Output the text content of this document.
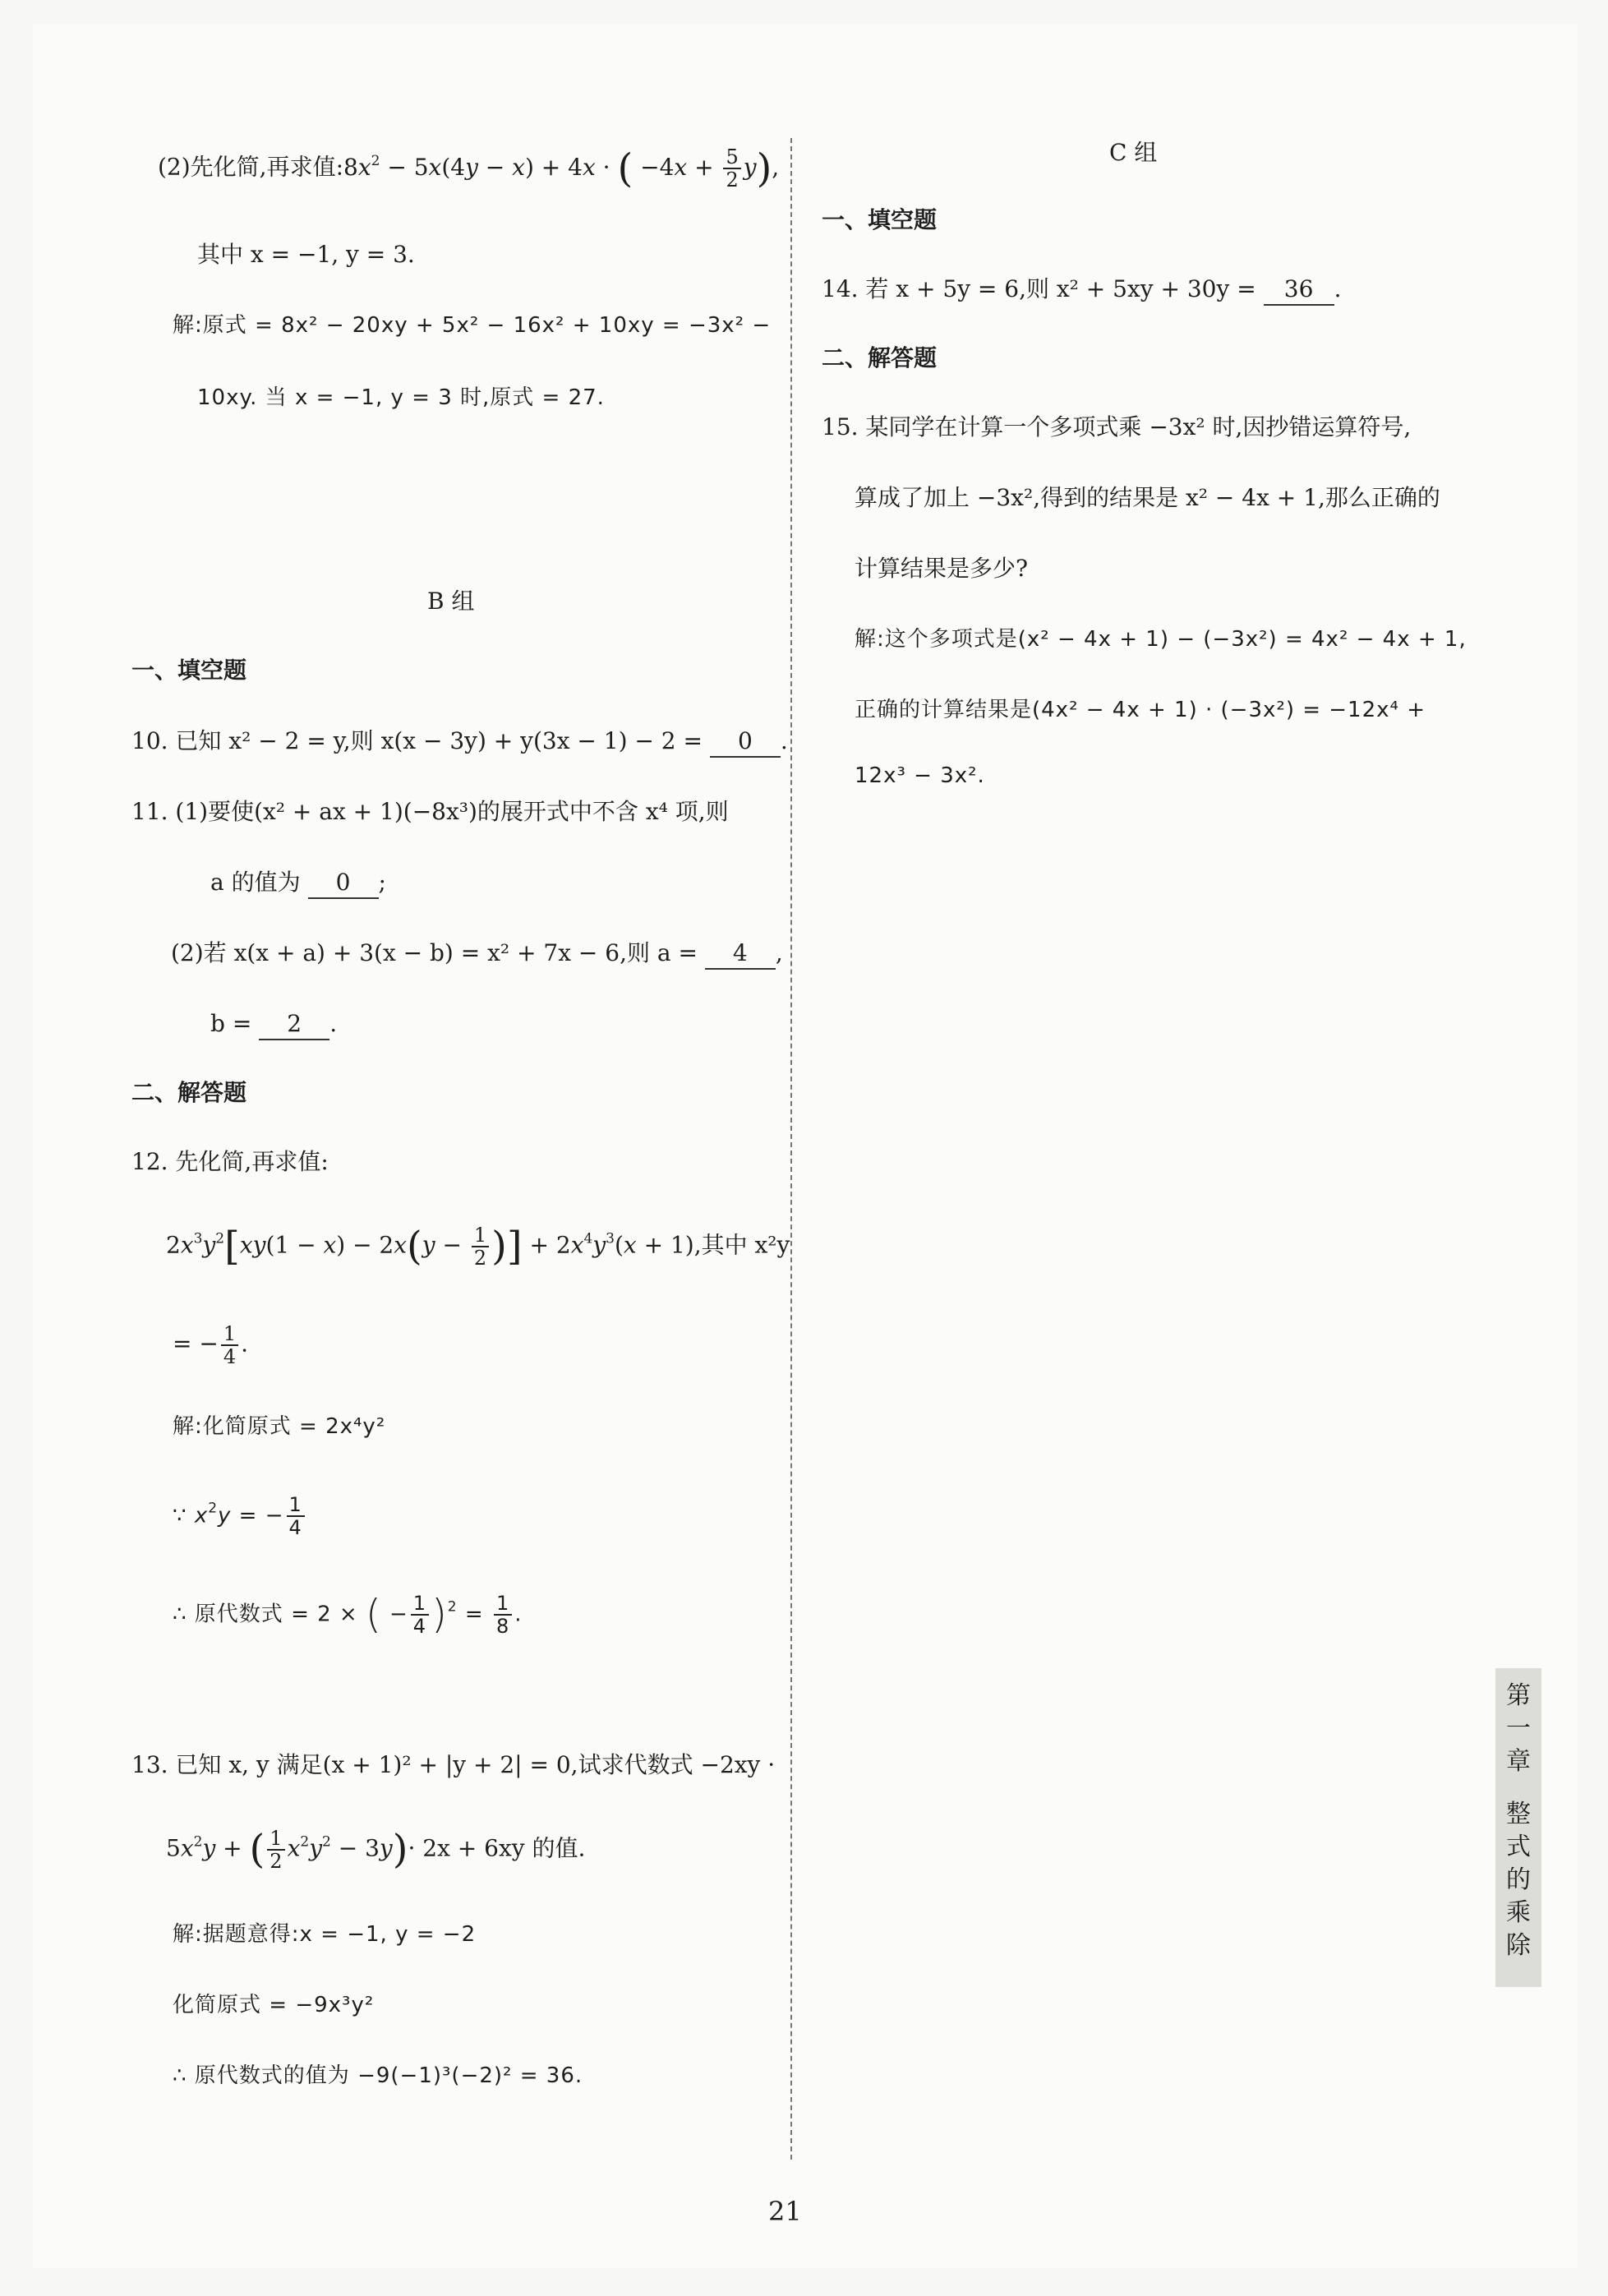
(2)先化简,再求值$:8x^2 - 5x(4y - x) + 4x$ · ( $-4x + \frac{5}{2} y$),
其中 x = −1, y = 3.
解:原式 = 8x² − 20xy + 5x² − 16x² + 10xy = −3x² −
10xy. 当 x = −1, y = 3 时,原式 = 27.
B 组
一、填空题
10. 已知 x² − 2 = y,则 x(x − 3y) + y(3x − 1) − 2 = 0 .
11. (1)要使(x² + ax + 1)(−8x³)的展开式中不含 x⁴ 项,则
a 的值为 0 ;
(2)若 x(x + a) + 3(x − b) = x² + 7x − 6,则 a = 4 ,
b = 2 .
二、解答题
12. 先化简,再求值:
$2x^3y^2[xy(1 - x) - 2x(y - \frac{1}{2}$ )] + $2x^4y^3(x + 1)$,其中 x²y
= − $\frac{1}{4}$ .
解:化简原式 = 2x⁴y²
∵ $x^2y$ = − $\frac{1}{4}$
∴ 原代数式 = 2 × ( − $\frac{1}{4} )^2 = \frac{1}{8}$ .
13. 已知 x, y 满足(x + 1)² + |y + 2| = 0,试求代数式 −2xy ·
$5x^2y$ + ( $\frac{1}{2} x^2y^2 - 3y)\cdot 2x + 6xy$ 的值.
解:据题意得:x = −1, y = −2
化简原式 = −9x³y²
∴ 原代数式的值为 −9(−1)³(−2)² = 36.
C 组
一、填空题
14. 若 x + 5y = 6,则 x² + 5xy + 30y = 36 .
二、解答题
15. 某同学在计算一个多项式乘 −3x² 时,因抄错运算符号,
算成了加上 −3x²,得到的结果是 x² − 4x + 1,那么正确的
计算结果是多少?
解:这个多项式是(x² − 4x + 1) − (−3x²) = 4x² − 4x + 1,
正确的计算结果是(4x² − 4x + 1) · (−3x²) = −12x⁴ +
12x³ − 3x².
第
一
章
整
式
的
乘
除
21
